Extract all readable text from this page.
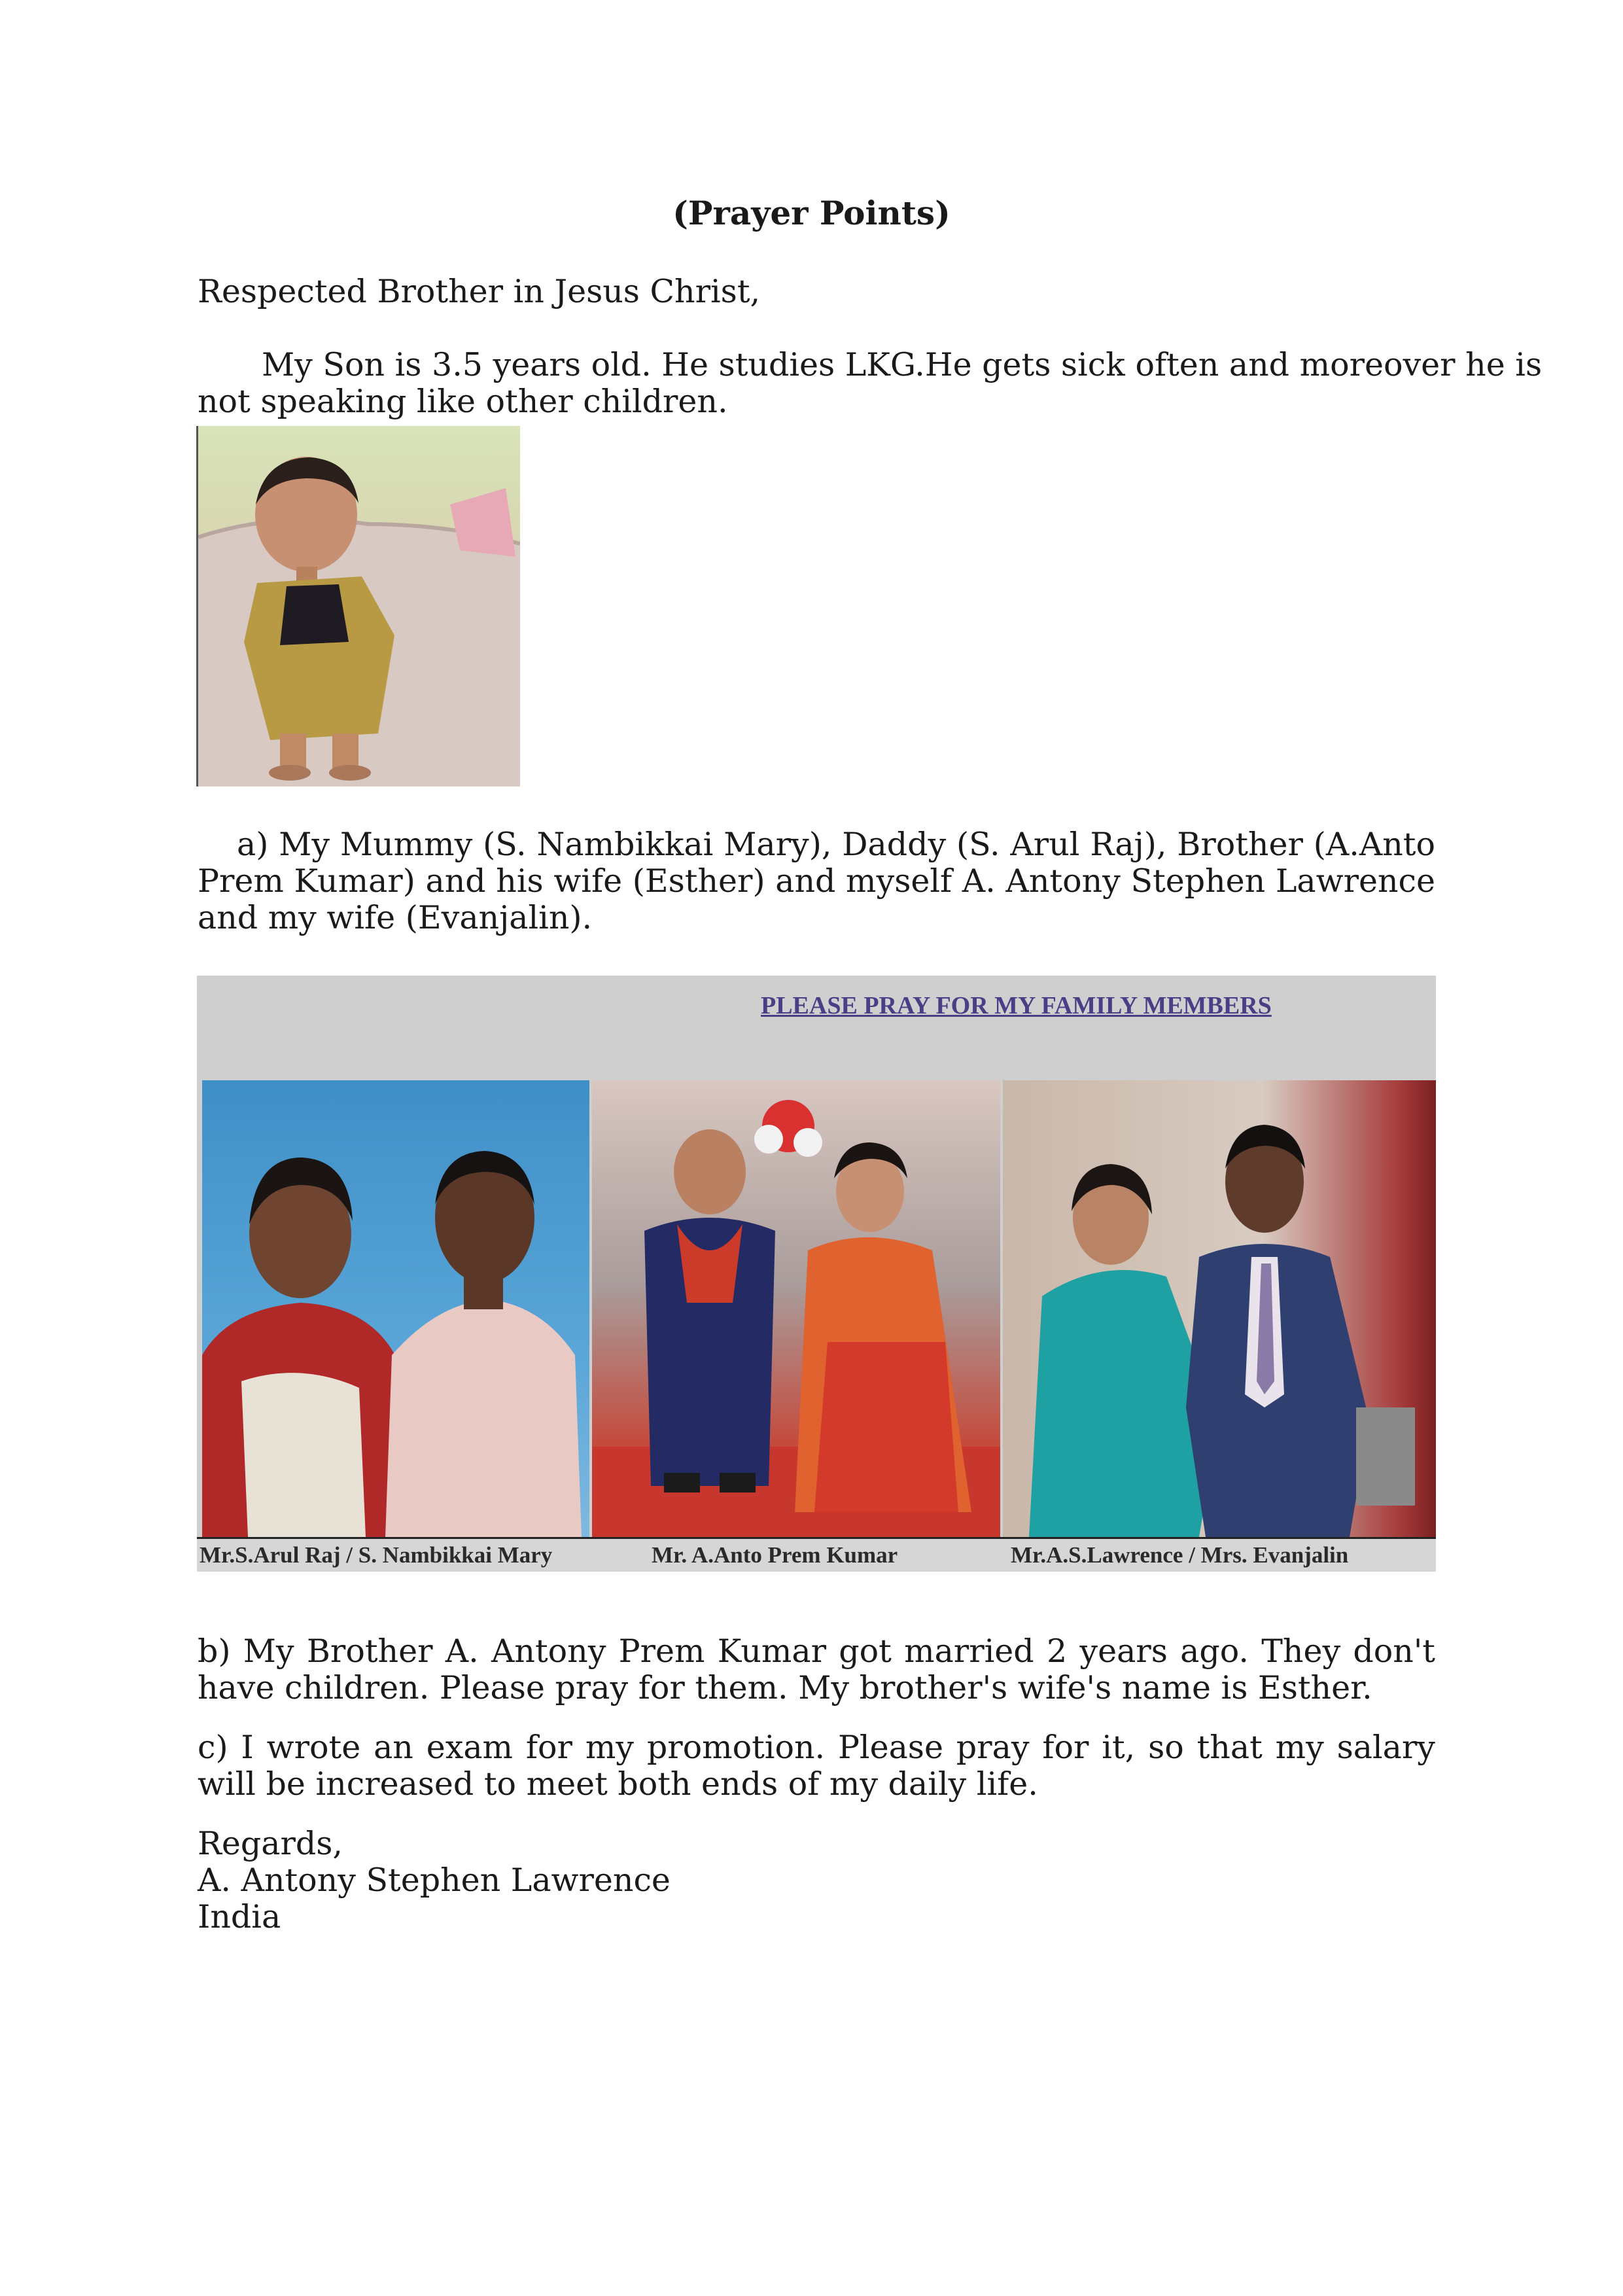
(Prayer Points)

Respected Brother in Jesus Christ,

My Son is 3.5 years old. He studies LKG.He gets sick often and moreover he is

not speaking like other children.

a) My Mummy (S. Nambikkai Mary), Daddy (S. Arul Raj), Brother (A.Anto Prem Kumar) and his wife (Esther) and myself A. Antony Stephen Lawrence and my wife (Evanjalin).

PLEASE PRAY FOR MY FAMILY MEMBERS
Mr.S.Arul Raj / S. Nambikkai Mary	Mr. A.Anto Prem Kumar	Mr.A.S.Lawrence / Mrs. Evanjalin

b) My Brother A. Antony Prem Kumar got married 2 years ago. They don't have children. Please pray for them. My brother's wife's name is Esther.

c) I wrote an exam for my promotion. Please pray for it, so that my salary will be increased to meet both ends of my daily life.

Regards,

A. Antony Stephen Lawrence

India
